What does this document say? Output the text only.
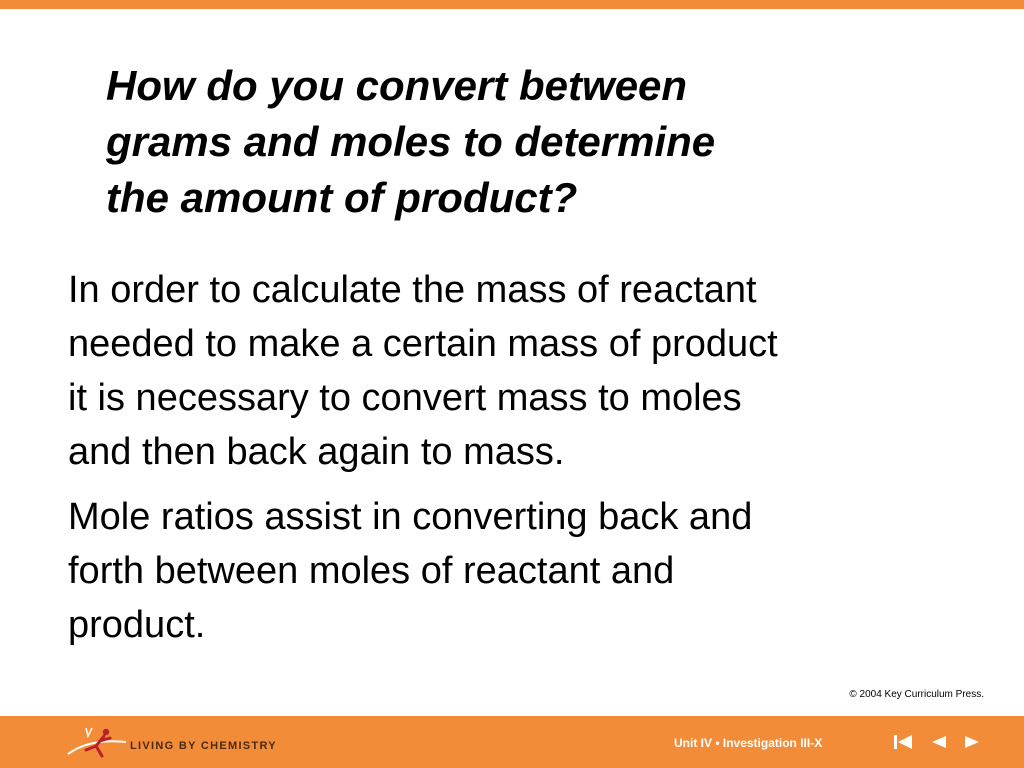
How do you convert between
grams and moles to determine
the amount of product?

In order to calculate the mass of reactant
needed to make a certain mass of product
it is necessary to convert mass to moles
and then back again to mass.

Mole ratios assist in converting back and
forth between moles of reactant and
product.

© 2004 Key Curriculum Press.
LIVING BY CHEMISTRY	Unit IV • Investigation III-X
